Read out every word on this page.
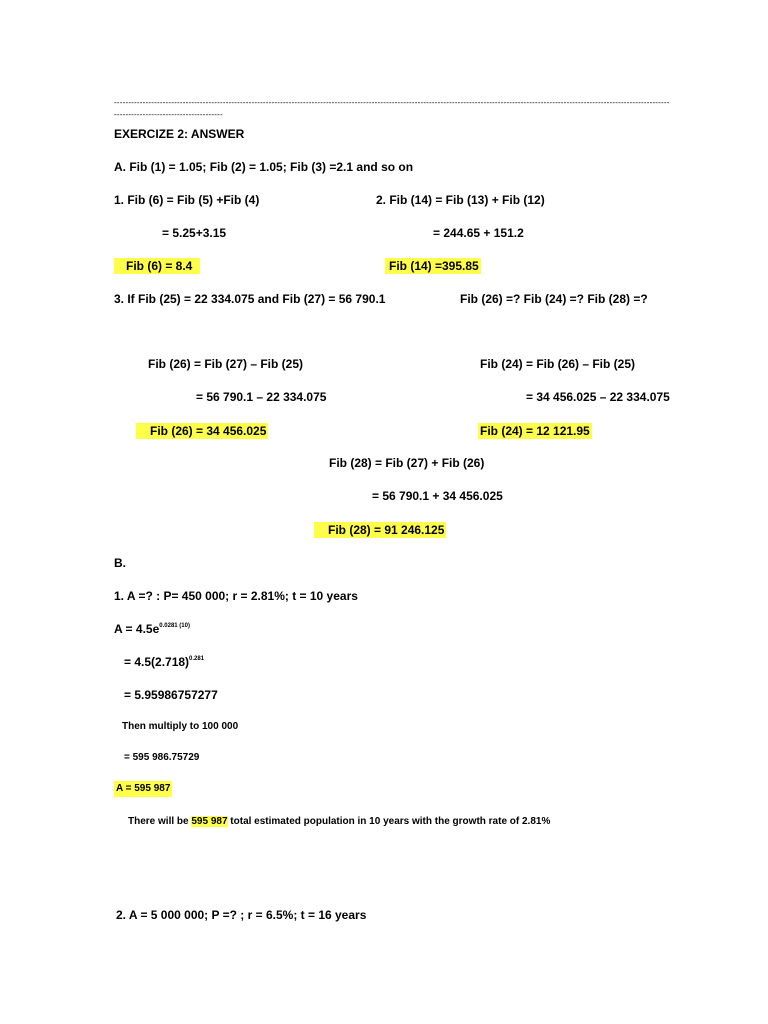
----------------------------------------------------------------------------------------------------------------------------------------------------------------------------------------------------------------------------------------
EXERCIZE 2: ANSWER
A. Fib (1) = 1.05; Fib (2) = 1.05; Fib (3) =2.1 and so on
1. Fib (6) = Fib (5) +Fib (4)	2. Fib (14) = Fib (13) + Fib (12)
= 5.25+3.15	= 244.65 + 151.2
Fib (6) = 8.4	Fib (14) =395.85
3. If Fib (25) = 22 334.075 and Fib (27) = 56 790.1	Fib (26) =? Fib (24) =? Fib (28) =?
Fib (26) = Fib (27) – Fib (25)	Fib (24) = Fib (26) – Fib (25)
= 56 790.1 – 22 334.075	= 34 456.025 – 22 334.075
Fib (26) = 34 456.025	Fib (24) = 12 121.95
Fib (28) = Fib (27) + Fib (26)
= 56 790.1 + 34 456.025
Fib (28) = 91 246.125
B.
1. A =? : P= 450 000; r = 2.81%; t = 10 years
$A = 4.5e^{0.0281 (10)}$
= $4.5(2.718)^{0.281}$
= 5.95986757277
Then multiply to 100 000
= 595 986.75729
A = 595 987
There will be 595 987 total estimated population in 10 years with the growth rate of 2.81%
2. A = 5 000 000; P =? ; r = 6.5%; t = 16 years
